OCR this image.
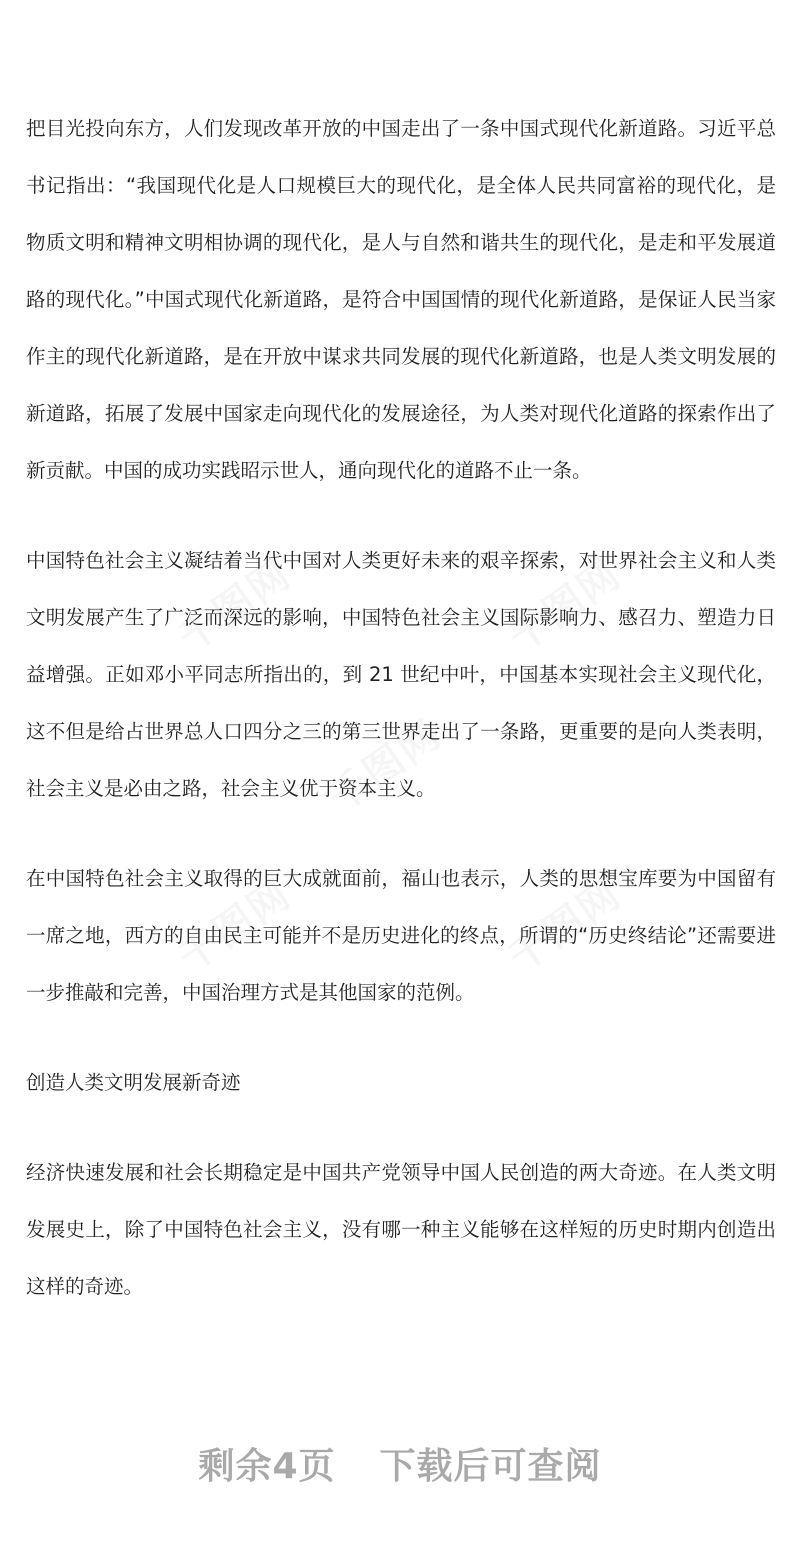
千图网	千图网
千图网
千图网	千图网

把目光投向东方，人们发现改革开放的中国走出了一条中国式现代化新道路。习近平总书记指出：“我国现代化是人口规模巨大的现代化，是全体人民共同富裕的现代化，是物质文明和精神文明相协调的现代化，是人与自然和谐共生的现代化，是走和平发展道路的现代化。”中国式现代化新道路，是符合中国国情的现代化新道路，是保证人民当家作主的现代化新道路，是在开放中谋求共同发展的现代化新道路，也是人类文明发展的新道路，拓展了发展中国家走向现代化的发展途径，为人类对现代化道路的探索作出了新贡献。中国的成功实践昭示世人，通向现代化的道路不止一条。

中国特色社会主义凝结着当代中国对人类更好未来的艰辛探索，对世界社会主义和人类文明发展产生了广泛而深远的影响，中国特色社会主义国际影响力、感召力、塑造力日益增强。正如邓小平同志所指出的，到 21 世纪中叶，中国基本实现社会主义现代化，这不但是给占世界总人口四分之三的第三世界走出了一条路，更重要的是向人类表明，社会主义是必由之路，社会主义优于资本主义。

在中国特色社会主义取得的巨大成就面前，福山也表示，人类的思想宝库要为中国留有一席之地，西方的自由民主可能并不是历史进化的终点，所谓的“历史终结论”还需要进一步推敲和完善，中国治理方式是其他国家的范例。

创造人类文明发展新奇迹

经济快速发展和社会长期稳定是中国共产党领导中国人民创造的两大奇迹。在人类文明发展史上，除了中国特色社会主义，没有哪一种主义能够在这样短的历史时期内创造出这样的奇迹。

剩余4页 下载后可查阅
